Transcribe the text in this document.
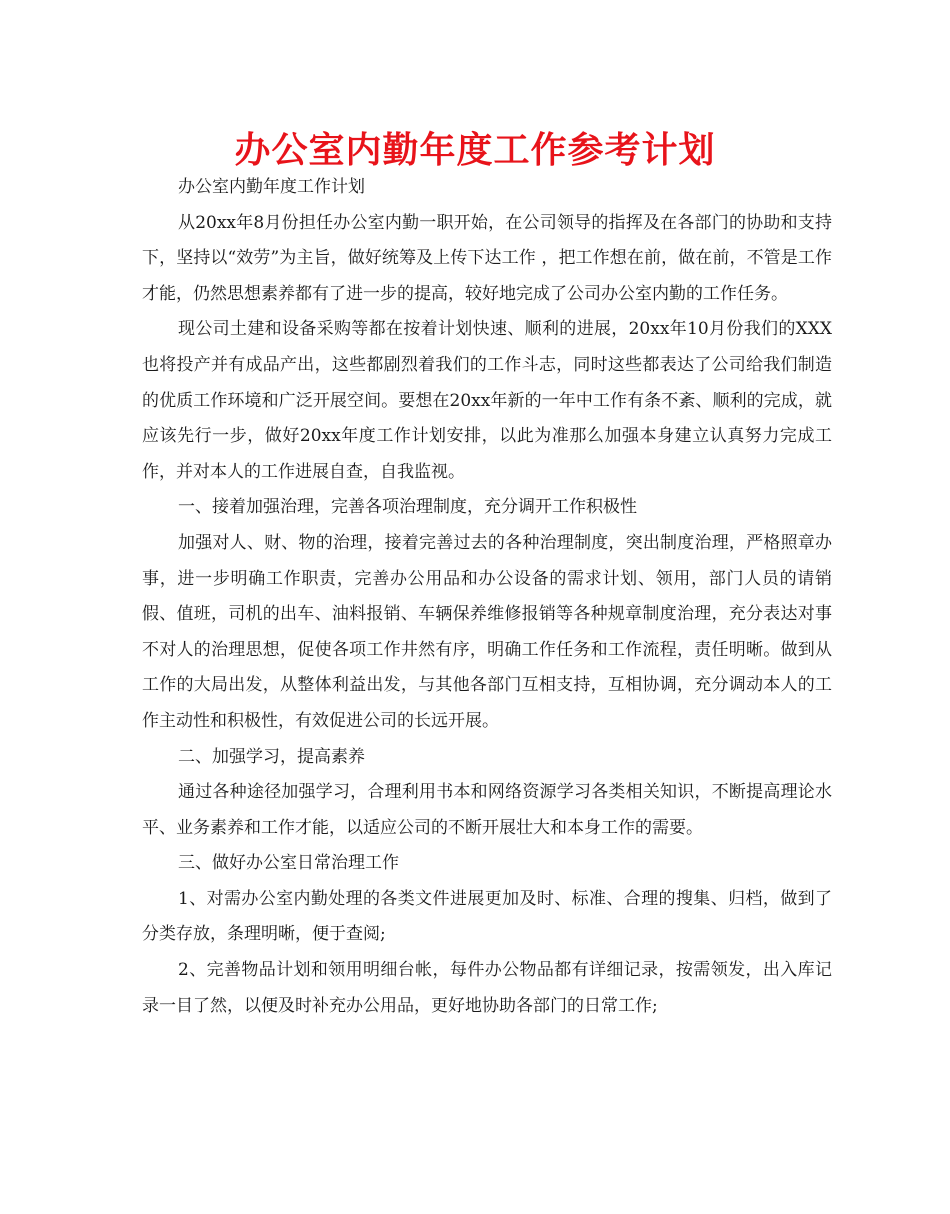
办公室内勤年度工作参考计划

办公室内勤年度工作计划

从20xx年8月份担任办公室内勤一职开始，在公司领导的指挥及在各部门的协助和支持下，坚持以“效劳”为主旨，做好统筹及上传下达工作 ，把工作想在前，做在前，不管是工作才能，仍然思想素养都有了进一步的提高，较好地完成了公司办公室内勤的工作任务。

现公司土建和设备采购等都在按着计划快速、顺利的进展，20xx年10月份我们的XXX也将投产并有成品产出，这些都剧烈着我们的工作斗志，同时这些都表达了公司给我们制造的优质工作环境和广泛开展空间。要想在20xx年新的一年中工作有条不紊、顺利的完成，就应该先行一步，做好20xx年度工作计划安排，以此为准那么加强本身建立认真努力完成工作，并对本人的工作进展自查，自我监视。

一、接着加强治理，完善各项治理制度，充分调开工作积极性

加强对人、财、物的治理，接着完善过去的各种治理制度，突出制度治理，严格照章办事，进一步明确工作职责，完善办公用品和办公设备的需求计划、领用，部门人员的请销假、值班，司机的出车、油料报销、车辆保养维修报销等各种规章制度治理，充分表达对事不对人的治理思想，促使各项工作井然有序，明确工作任务和工作流程，责任明晰。做到从工作的大局出发，从整体利益出发，与其他各部门互相支持，互相协调，充分调动本人的工作主动性和积极性，有效促进公司的长远开展。

二、加强学习，提高素养

通过各种途径加强学习，合理利用书本和网络资源学习各类相关知识，不断提高理论水平、业务素养和工作才能，以适应公司的不断开展壮大和本身工作的需要。

三、做好办公室日常治理工作

1、对需办公室内勤处理的各类文件进展更加及时、标准、合理的搜集、归档，做到了分类存放，条理明晰，便于查阅;

2、完善物品计划和领用明细台帐，每件办公物品都有详细记录，按需领发，出入库记录一目了然，以便及时补充办公用品，更好地协助各部门的日常工作;
